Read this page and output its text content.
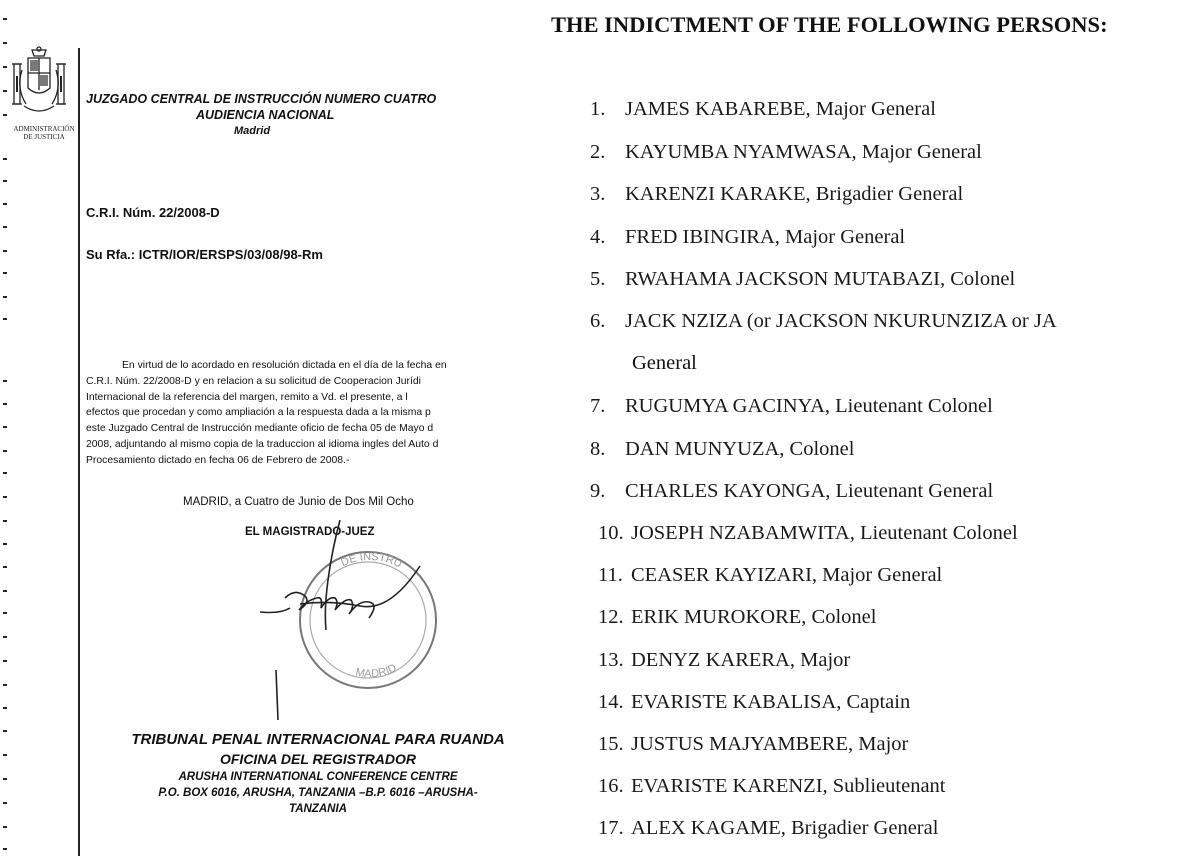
ADMINISTRACIÓN
DE JUSTICIA
JUZGADO CENTRAL DE INSTRUCCIÓN NUMERO CUATRO
AUDIENCIA NACIONAL
Madrid
C.R.I. Núm. 22/2008-D
Su Rfa.: ICTR/IOR/ERSPS/03/08/98-Rm
En virtud de lo acordado en resolución dictada en el día de la fecha en
C.R.I. Núm. 22/2008-D y en relacion a su solicitud de Cooperacion Jurídi
Internacional de la referencia del margen, remito a Vd. el presente, a l
efectos que procedan y como ampliación a la respuesta dada a la misma p
este Juzgado Central de Instrucción mediante oficio de fecha 05 de Mayo d
2008, adjuntando al mismo copia de la traduccion al idioma ingles del Auto d
Procesamiento dictado en fecha 06 de Febrero de 2008.-
MADRID, a Cuatro de Junio de Dos Mil Ocho
EL MAGISTRADO-JUEZ
DE INSTRU
MADRID
TRIBUNAL PENAL INTERNACIONAL PARA RUANDA
OFICINA DEL REGISTRADOR
ARUSHA INTERNATIONAL CONFERENCE CENTRE
P.O. BOX 6016, ARUSHA, TANZANIA –B.P. 6016 –ARUSHA-
TANZANIA
THE INDICTMENT OF THE FOLLOWING PERSONS:
1. JAMES KABAREBE, Major General
2. KAYUMBA NYAMWASA, Major General
3. KARENZI KARAKE, Brigadier General
4. FRED IBINGIRA, Major General
5. RWAHAMA JACKSON MUTABAZI, Colonel
6. JACK NZIZA (or JACKSON NKURUNZIZA or JA
General
7. RUGUMYA GACINYA, Lieutenant Colonel
8. DAN MUNYUZA, Colonel
9. CHARLES KAYONGA, Lieutenant General
10. JOSEPH NZABAMWITA, Lieutenant Colonel
11. CEASER KAYIZARI, Major General
12. ERIK MUROKORE, Colonel
13. DENYZ KARERA, Major
14. EVARISTE KABALISA, Captain
15. JUSTUS MAJYAMBERE, Major
16. EVARISTE KARENZI, Sublieutenant
17. ALEX KAGAME, Brigadier General
